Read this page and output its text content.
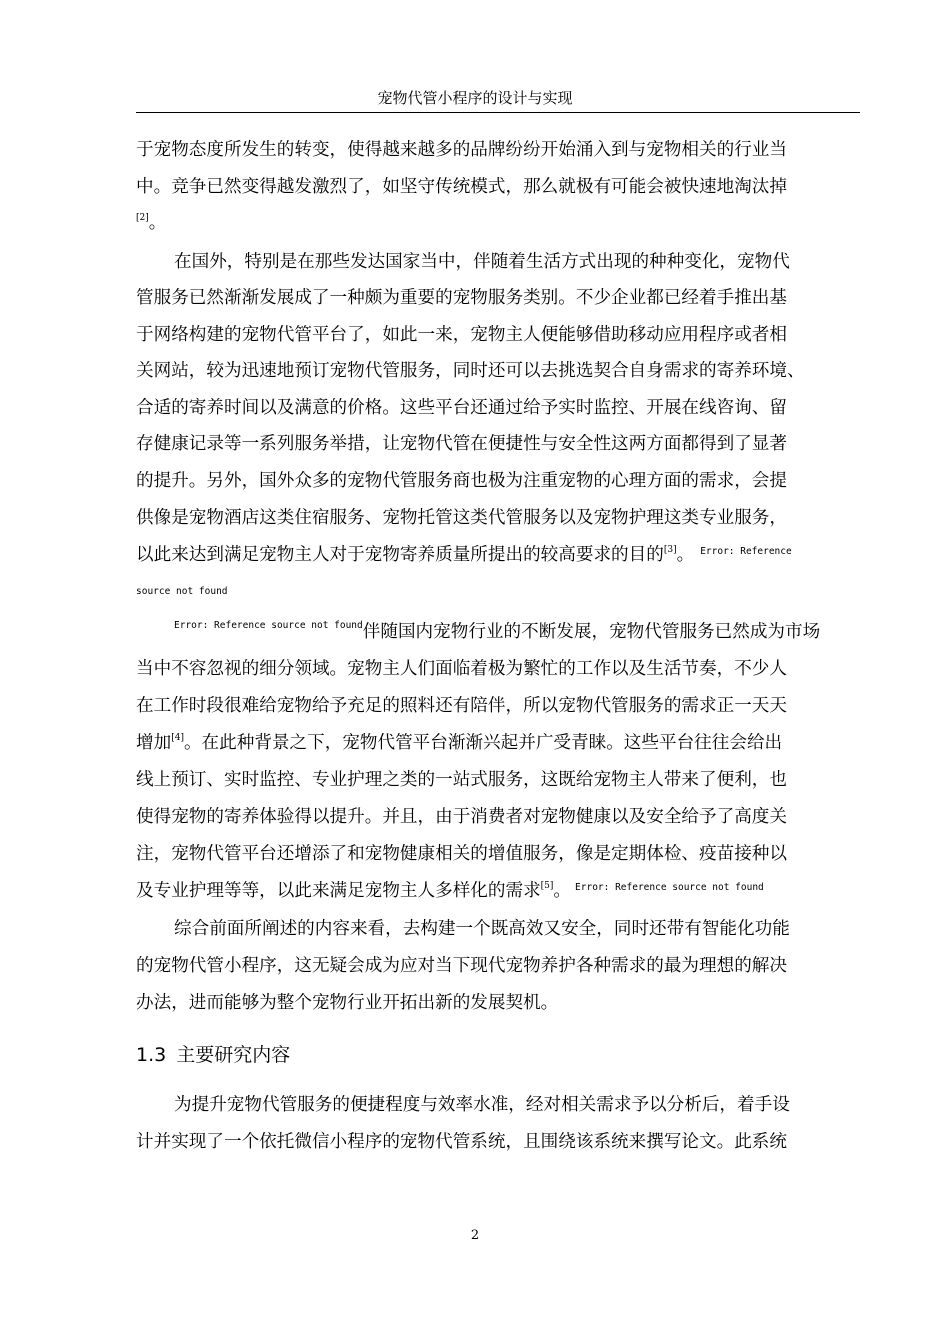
宠物代管小程序的设计与实现
于宠物态度所发生的转变，使得越来越多的品牌纷纷开始涌入到与宠物相关的行业当
中。竞争已然变得越发激烈了，如坚守传统模式，那么就极有可能会被快速地淘汰掉
[2]。
在国外，特别是在那些发达国家当中，伴随着生活方式出现的种种变化，宠物代
管服务已然渐渐发展成了一种颇为重要的宠物服务类别。不少企业都已经着手推出基
于网络构建的宠物代管平台了，如此一来，宠物主人便能够借助移动应用程序或者相
关网站，较为迅速地预订宠物代管服务，同时还可以去挑选契合自身需求的寄养环境、
合适的寄养时间以及满意的价格。这些平台还通过给予实时监控、开展在线咨询、留
存健康记录等一系列服务举措，让宠物代管在便捷性与安全性这两方面都得到了显著
的提升。另外，国外众多的宠物代管服务商也极为注重宠物的心理方面的需求，会提
供像是宠物酒店这类住宿服务、宠物托管这类代管服务以及宠物护理这类专业服务，
以此来达到满足宠物主人对于宠物寄养质量所提出的较高要求的目的[3]。 $^{Error: Reference}$
source not found
$^{Error: Reference source not found}$伴随国内宠物行业的不断发展，宠物代管服务已然成为市场
当中不容忽视的细分领域。宠物主人们面临着极为繁忙的工作以及生活节奏，不少人
在工作时段很难给宠物给予充足的照料还有陪伴，所以宠物代管服务的需求正一天天
增加[4]。在此种背景之下，宠物代管平台渐渐兴起并广受青睐。这些平台往往会给出
线上预订、实时监控、专业护理之类的一站式服务，这既给宠物主人带来了便利，也
使得宠物的寄养体验得以提升。并且，由于消费者对宠物健康以及安全给予了高度关
注，宠物代管平台还增添了和宠物健康相关的增值服务，像是定期体检、疫苗接种以
及专业护理等等，以此来满足宠物主人多样化的需求[5]。 $^{Error: Reference source not found}$
综合前面所阐述的内容来看，去构建一个既高效又安全，同时还带有智能化功能
的宠物代管小程序，这无疑会成为应对当下现代宠物养护各种需求的最为理想的解决
办法，进而能够为整个宠物行业开拓出新的发展契机。
1.3 主要研究内容
为提升宠物代管服务的便捷程度与效率水准，经对相关需求予以分析后，着手设
计并实现了一个依托微信小程序的宠物代管系统，且围绕该系统来撰写论文。此系统
2
